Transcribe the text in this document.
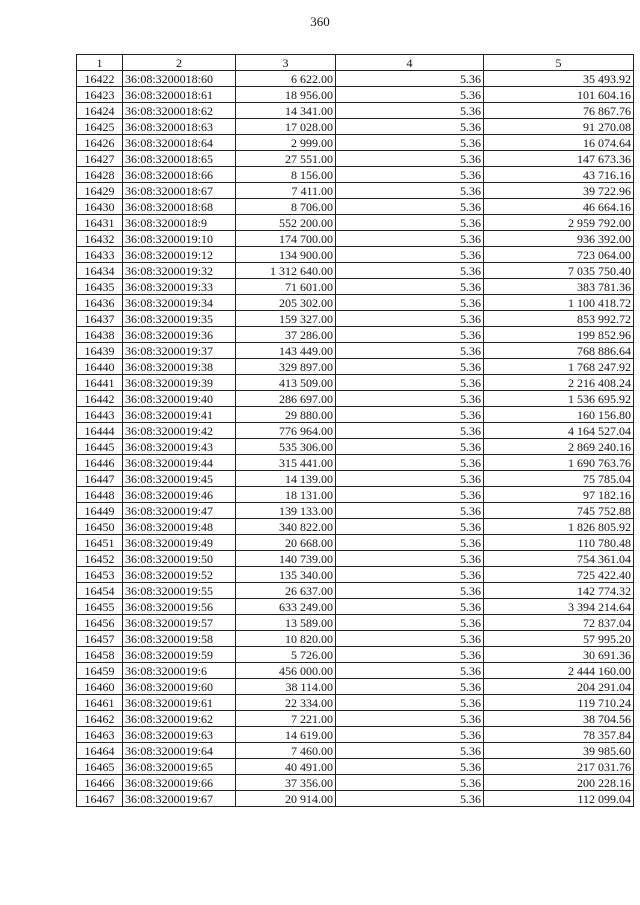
360
1	2	3	4	5
16422	36:08:3200018:60	6 622.00	5.36	35 493.92
16423	36:08:3200018:61	18 956.00	5.36	101 604.16
16424	36:08:3200018:62	14 341.00	5.36	76 867.76
16425	36:08:3200018:63	17 028.00	5.36	91 270.08
16426	36:08:3200018:64	2 999.00	5.36	16 074.64
16427	36:08:3200018:65	27 551.00	5.36	147 673.36
16428	36:08:3200018:66	8 156.00	5.36	43 716.16
16429	36:08:3200018:67	7 411.00	5.36	39 722.96
16430	36:08:3200018:68	8 706.00	5.36	46 664.16
16431	36:08:3200018:9	552 200.00	5.36	2 959 792.00
16432	36:08:3200019:10	174 700.00	5.36	936 392.00
16433	36:08:3200019:12	134 900.00	5.36	723 064.00
16434	36:08:3200019:32	1 312 640.00	5.36	7 035 750.40
16435	36:08:3200019:33	71 601.00	5.36	383 781.36
16436	36:08:3200019:34	205 302.00	5.36	1 100 418.72
16437	36:08:3200019:35	159 327.00	5.36	853 992.72
16438	36:08:3200019:36	37 286.00	5.36	199 852.96
16439	36:08:3200019:37	143 449.00	5.36	768 886.64
16440	36:08:3200019:38	329 897.00	5.36	1 768 247.92
16441	36:08:3200019:39	413 509.00	5.36	2 216 408.24
16442	36:08:3200019:40	286 697.00	5.36	1 536 695.92
16443	36:08:3200019:41	29 880.00	5.36	160 156.80
16444	36:08:3200019:42	776 964.00	5.36	4 164 527.04
16445	36:08:3200019:43	535 306.00	5.36	2 869 240.16
16446	36:08:3200019:44	315 441.00	5.36	1 690 763.76
16447	36:08:3200019:45	14 139.00	5.36	75 785.04
16448	36:08:3200019:46	18 131.00	5.36	97 182.16
16449	36:08:3200019:47	139 133.00	5.36	745 752.88
16450	36:08:3200019:48	340 822.00	5.36	1 826 805.92
16451	36:08:3200019:49	20 668.00	5.36	110 780.48
16452	36:08:3200019:50	140 739.00	5.36	754 361.04
16453	36:08:3200019:52	135 340.00	5.36	725 422.40
16454	36:08:3200019:55	26 637.00	5.36	142 774.32
16455	36:08:3200019:56	633 249.00	5.36	3 394 214.64
16456	36:08:3200019:57	13 589.00	5.36	72 837.04
16457	36:08:3200019:58	10 820.00	5.36	57 995.20
16458	36:08:3200019:59	5 726.00	5.36	30 691.36
16459	36:08:3200019:6	456 000.00	5.36	2 444 160.00
16460	36:08:3200019:60	38 114.00	5.36	204 291.04
16461	36:08:3200019:61	22 334.00	5.36	119 710.24
16462	36:08:3200019:62	7 221.00	5.36	38 704.56
16463	36:08:3200019:63	14 619.00	5.36	78 357.84
16464	36:08:3200019:64	7 460.00	5.36	39 985.60
16465	36:08:3200019:65	40 491.00	5.36	217 031.76
16466	36:08:3200019:66	37 356.00	5.36	200 228.16
16467	36:08:3200019:67	20 914.00	5.36	112 099.04
